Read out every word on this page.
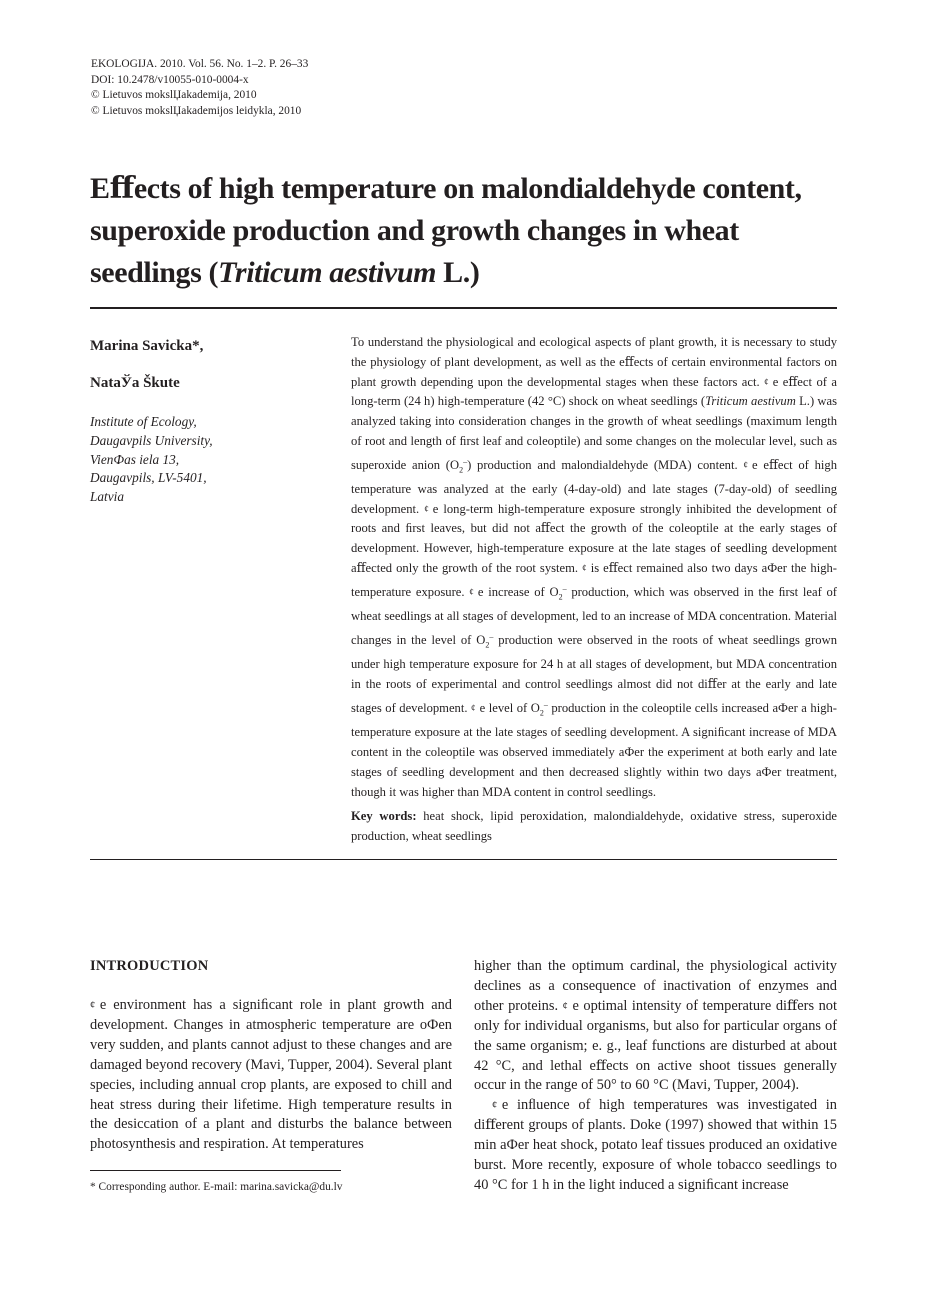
EKOLOGIJA. 2010. Vol. 56. No. 1–2. P. 26–33
DOI: 10.2478/v10055-010-0004-x
© Lietuvos mokslЏakademija, 2010
© Lietuvos mokslЏakademijos leidykla, 2010
Eﬀects of high temperature on malondialdehyde content, superoxide production and growth changes in wheat seedlings (Triticum aestivum L.)
Marina Savicka*,
NataЎa Škute
Institute of Ecology,
Daugavpils University,
VienФas iela 13,
Daugavpils, LV-5401,
Latvia
To understand the physiological and ecological aspects of plant growth, it is necessary to study the physiology of plant development, as well as the eﬀects of certain environmental factors on plant growth depending upon the developmental stages when these factors act. ¢ e eﬀect of a long-term (24 h) high-temperature (42 °C) shock on wheat seedlings (Triticum aestivum L.) was analyzed taking into consideration changes in the growth of wheat seedlings (maximum length of root and length of ﬁrst leaf and coleoptile) and some changes on the molecular level, such as superoxide anion $(O_2^-)$ production and malondialdehyde (MDA) content. ¢ e eﬀect of high temperature was analyzed at the early (4-day-old) and late stages (7-day-old) of seedling development. ¢ e long-term high-temperature exposure strongly inhibited the development of roots and ﬁrst leaves, but did not aﬀect the growth of the coleoptile at the early stages of development. However, high-temperature exposure at the late stages of seedling development aﬀected only the growth of the root system. ¢ is eﬀect remained also two days aФer the high-temperature exposure. ¢ e increase of $O_2^-$ production, which was observed in the ﬁrst leaf of wheat seedlings at all stages of development, led to an increase of MDA concentration. Material changes in the level of $O_2^-$ production were observed in the roots of wheat seedlings grown under high temperature exposure for 24 h at all stages of development, but MDA concentration in the roots of experimental and control seedlings almost did not diﬀer at the early and late stages of development. ¢ e level of $O_2^-$ production in the coleoptile cells increased aФer a high-temperature exposure at the late stages of seedling development. A signiﬁcant increase of MDA content in the coleoptile was observed immediately aФer the experiment at both early and late stages of seedling development and then decreased slightly within two days aФer treatment, though it was higher than MDA content in control seedlings.
Key words: heat shock, lipid peroxidation, malondialdehyde, oxidative stress, superoxide production, wheat seedlings
INTRODUCTION
¢ e environment has a signiﬁcant role in plant growth and development. Changes in atmospheric temperature are oФen very sudden, and plants cannot adjust to these changes and are damaged beyond recovery (Mavi, Tupper, 2004). Several plant species, including annual crop plants, are exposed to chill and heat stress during their lifetime. High temperature results in the desiccation of a plant and disturbs the balance between photosynthesis and respiration. At temperatures
higher than the optimum cardinal, the physiological activity declines as a consequence of inactivation of enzymes and other proteins. ¢ e optimal intensity of temperature diﬀers not only for individual organisms, but also for particular organs of the same organism; e. g., leaf functions are disturbed at about 42 °C, and lethal eﬀects on active shoot tissues generally occur in the range of 50° to 60 °C (Mavi, Tupper, 2004).
¢ e inﬂuence of high temperatures was investigated in diﬀerent groups of plants. Doke (1997) showed that within 15 min aФer heat shock, potato leaf tissues produced an oxidative burst. More recently, exposure of whole tobacco seedlings to 40 °C for 1 h in the light induced a signiﬁcant increase
* Corresponding author. E-mail: marina.savicka@du.lv
